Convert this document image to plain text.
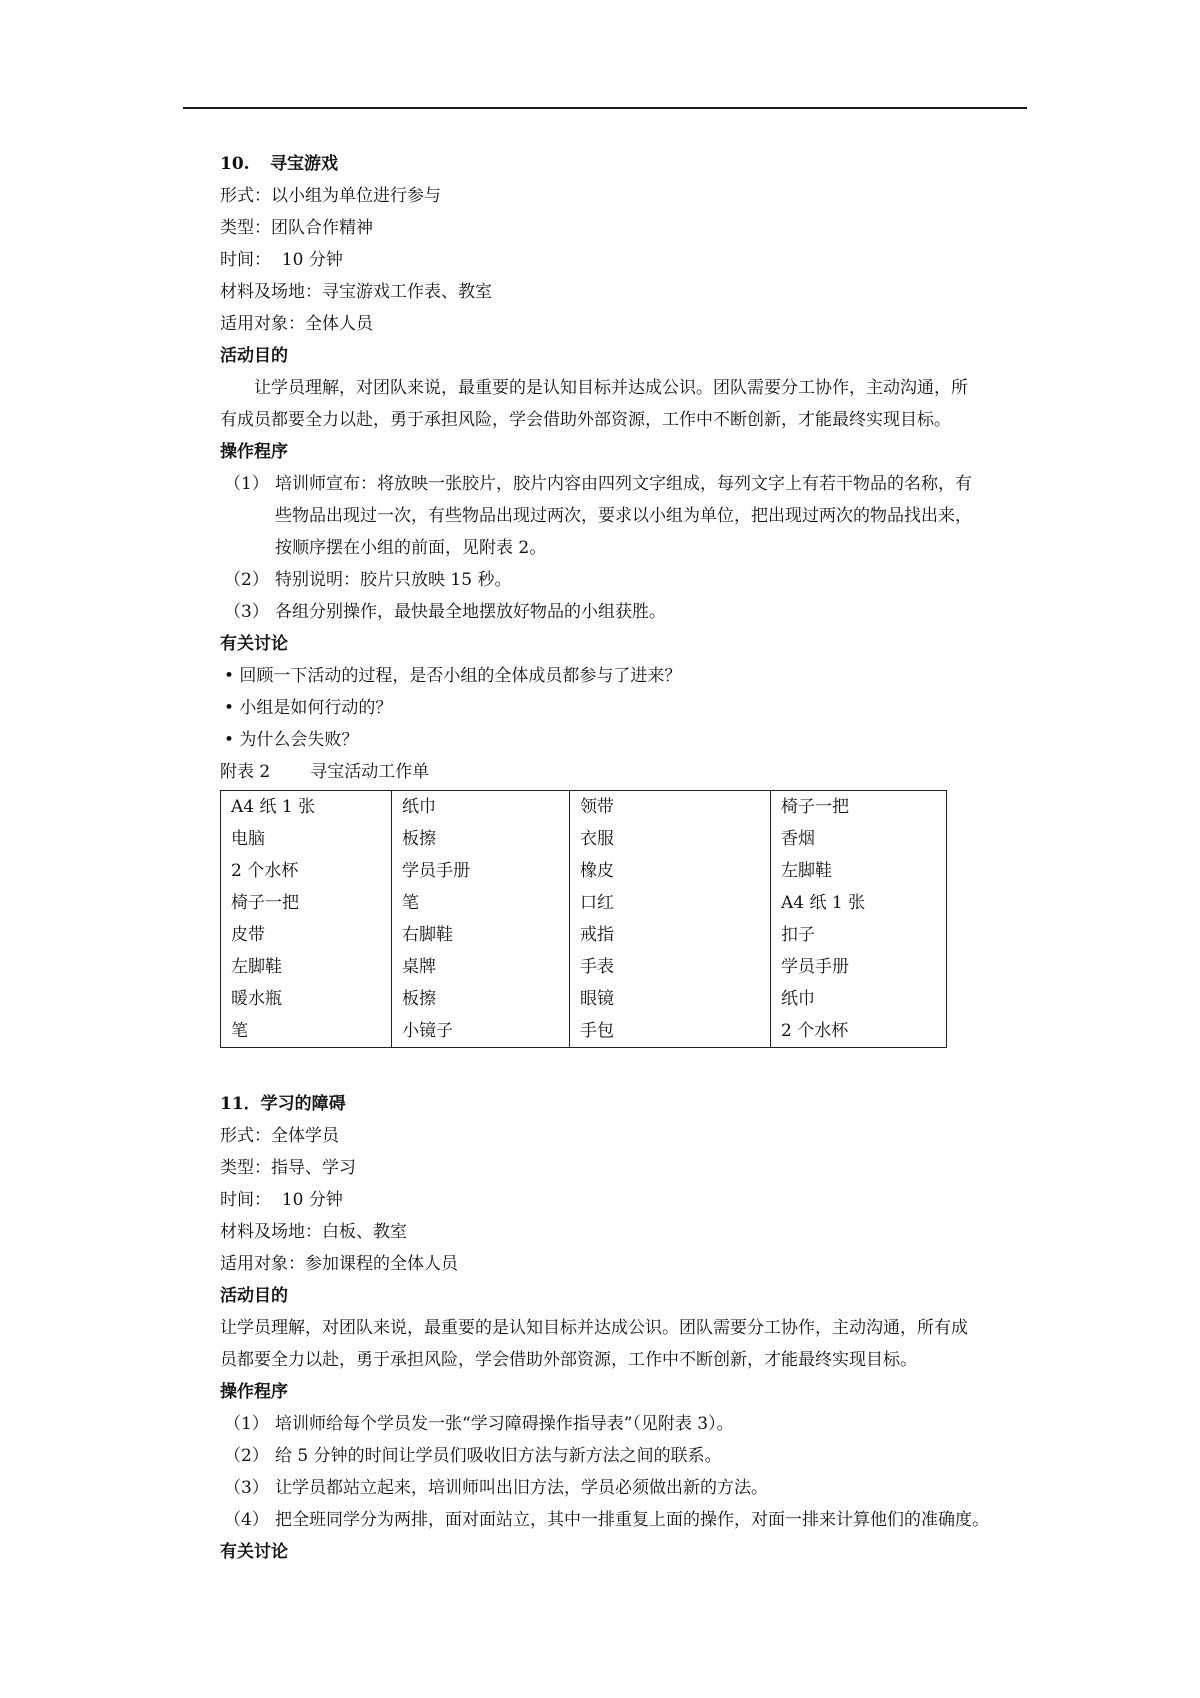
10. 寻宝游戏
形式：以小组为单位进行参与
类型：团队合作精神
时间：  10 分钟
材料及场地：寻宝游戏工作表、教室
适用对象：全体人员
活动目的
让学员理解，对团队来说，最重要的是认知目标并达成公识。团队需要分工协作，主动沟通，所
有成员都要全力以赴，勇于承担风险，学会借助外部资源，工作中不断创新，才能最终实现目标。
操作程序
（1） 培训师宣布：将放映一张胶片，胶片内容由四列文字组成，每列文字上有若干物品的名称，有
些物品出现过一次，有些物品出现过两次，要求以小组为单位，把出现过两次的物品找出来，
按顺序摆在小组的前面，见附表 2。
（2） 特别说明：胶片只放映 15 秒。
（3） 各组分别操作，最快最全地摆放好物品的小组获胜。
有关讨论
• 回顾一下活动的过程，是否小组的全体成员都参与了进来？
• 小组是如何行动的？
• 为什么会失败？
附表 2 寻宝活动工作单
A4 纸 1 张	纸巾	领带	椅子一把
电脑	板擦	衣服	香烟
2 个水杯	学员手册	橡皮	左脚鞋
椅子一把	笔	口红	A4 纸 1 张
皮带	右脚鞋	戒指	扣子
左脚鞋	桌牌	手表	学员手册
暖水瓶	板擦	眼镜	纸巾
笔	小镜子	手包	2 个水杯
11．学习的障碍
形式：全体学员
类型：指导、学习
时间：  10 分钟
材料及场地：白板、教室
适用对象：参加课程的全体人员
活动目的
让学员理解，对团队来说，最重要的是认知目标并达成公识。团队需要分工协作，主动沟通，所有成
员都要全力以赴，勇于承担风险，学会借助外部资源，工作中不断创新，才能最终实现目标。
操作程序
（1） 培训师给每个学员发一张“学习障碍操作指导表”（见附表 3）。
（2） 给 5 分钟的时间让学员们吸收旧方法与新方法之间的联系。
（3） 让学员都站立起来，培训师叫出旧方法，学员必须做出新的方法。
（4） 把全班同学分为两排，面对面站立，其中一排重复上面的操作，对面一排来计算他们的准确度。
有关讨论
